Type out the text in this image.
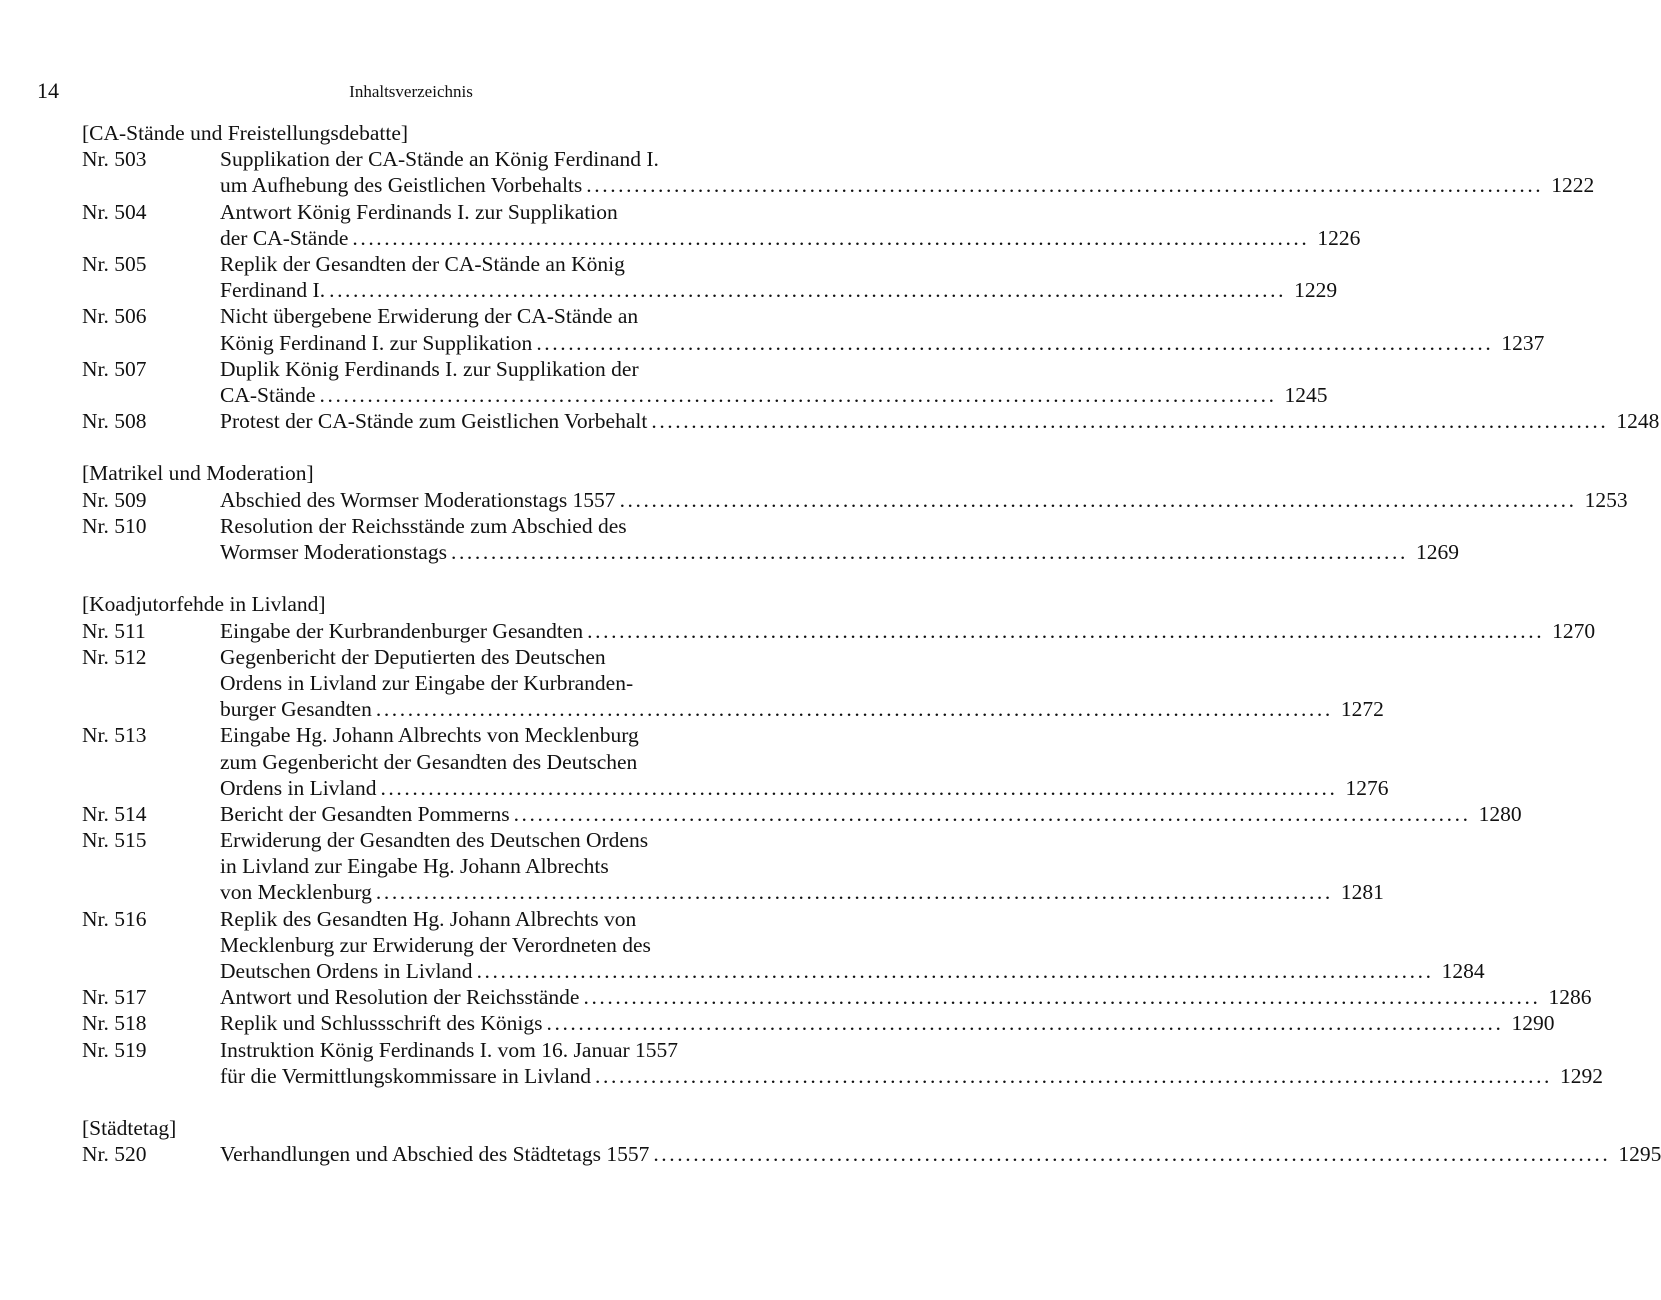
14	Inhaltsverzeichnis
[CA-Stände und Freistellungsdebatte]
Nr. 503	Supplikation der CA-Stände an König Ferdinand I.
um Aufhebung des Geistlichen Vorbehalts ........................................................................................................................ 1222
Nr. 504	Antwort König Ferdinands I. zur Supplikation
der CA-Stände ........................................................................................................................ 1226
Nr. 505	Replik der Gesandten der CA-Stände an König
Ferdinand I. ........................................................................................................................ 1229
Nr. 506	Nicht übergebene Erwiderung der CA-Stände an
König Ferdinand I. zur Supplikation ........................................................................................................................ 1237
Nr. 507	Duplik König Ferdinands I. zur Supplikation der
CA-Stände ........................................................................................................................ 1245
Nr. 508	Protest der CA-Stände zum Geistlichen Vorbehalt ........................................................................................................................ 1248
[Matrikel und Moderation]
Nr. 509	Abschied des Wormser Moderationstags 1557 ........................................................................................................................ 1253
Nr. 510	Resolution der Reichsstände zum Abschied des
Wormser Moderationstags ........................................................................................................................ 1269
[Koadjutorfehde in Livland]
Nr. 511	Eingabe der Kurbrandenburger Gesandten ........................................................................................................................ 1270
Nr. 512	Gegenbericht der Deputierten des Deutschen
Ordens in Livland zur Eingabe der Kurbranden-
burger Gesandten ........................................................................................................................ 1272
Nr. 513	Eingabe Hg. Johann Albrechts von Mecklenburg
zum Gegenbericht der Gesandten des Deutschen
Ordens in Livland ........................................................................................................................ 1276
Nr. 514	Bericht der Gesandten Pommerns ........................................................................................................................ 1280
Nr. 515	Erwiderung der Gesandten des Deutschen Ordens
in Livland zur Eingabe Hg. Johann Albrechts
von Mecklenburg ........................................................................................................................ 1281
Nr. 516	Replik des Gesandten Hg. Johann Albrechts von
Mecklenburg zur Erwiderung der Verordneten des
Deutschen Ordens in Livland ........................................................................................................................ 1284
Nr. 517	Antwort und Resolution der Reichsstände ........................................................................................................................ 1286
Nr. 518	Replik und Schlussschrift des Königs ........................................................................................................................ 1290
Nr. 519	Instruktion König Ferdinands I. vom 16. Januar 1557
für die Vermittlungskommissare in Livland ........................................................................................................................ 1292
[Städtetag]
Nr. 520	Verhandlungen und Abschied des Städtetags 1557 ........................................................................................................................ 1295
